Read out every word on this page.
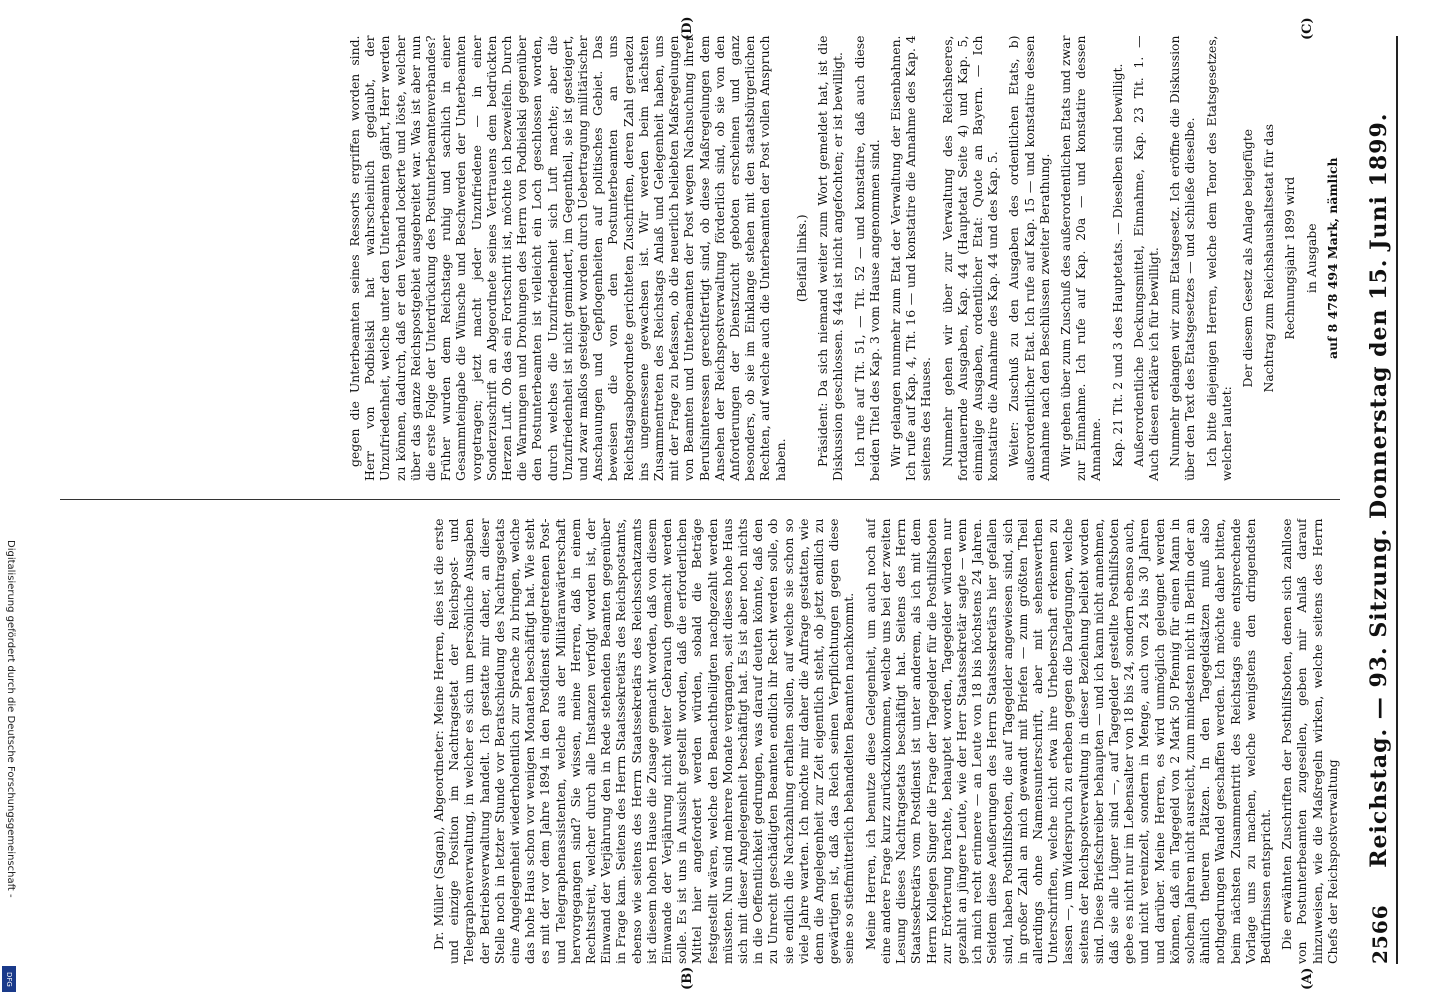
2566
Reichstag. — 93. Sitzung. Donnerstag den 15. Juni 1899.

Dr. Müller (Sagan), Abgeordneter: Meine Herren, dies ist die erste und einzige Position im Nachtragsetat der Reichspost- und Telegraphenverwaltung, in welcher es sich um persönliche Ausgaben der Betriebsverwaltung handelt. Ich gestatte mir daher, an dieser Stelle noch in letzter Stunde vor Beratschiedung des Nachtragsetats eine Angelegenheit wiederholentlich zur Sprache zu bringen, welche das hohe Haus schon vor wenigen Monaten beschäftigt hat. Wie steht es mit der vor dem Jahre 1894 in den Postdienst eingetretenen Post- und Telegraphenassistenten, welche aus der Militäranwärterschaft hervorgegangen sind? Sie wissen, meine Herren, daß in einem Rechtsstreit, welcher durch alle Instanzen verfolgt worden ist, der Einwand der Verjährung den in Rede stehenden Beamten gegenüber in Frage kam. Seitens des Herrn Staatssekretärs des Reichspostamts, ebenso wie seitens des Herrn Staatssekretärs des Reichsschatzamts ist diesem hohen Hause die Zusage gemacht worden, daß von diesem Einwande der Verjährung nicht weiter Gebrauch gemacht werden solle. Es ist uns in Aussicht gestellt worden, daß die erforderlichen Mittel hier angefordert werden würden, sobald die Beträge festgestellt wären, welche den Benachtheiligten nachgezahlt werden müssten. Nun sind mehrere Monate vergangen, seit dieses hohe Haus sich mit dieser Angelegenheit beschäftigt hat. Es ist aber noch nichts in die Oeffentlichkeit gedrungen, was darauf deuten könnte, daß den zu Unrecht geschädigten Beamten endlich ihr Recht werden solle, ob sie endlich die Nachzahlung erhalten sollen, auf welche sie schon so viele Jahre warten. Ich möchte mir daher die Anfrage gestatten, wie denn die Angelegenheit zur Zeit eigentlich steht, ob jetzt endlich zu gewärtigen ist, daß das Reich seinen Verpflichtungen gegen diese seine so stiefmütterlich behandelten Beamten nachkommt. Meine Herren, ich benutze diese Gelegenheit, um auch noch auf eine andere Frage kurz zurückzukommen, welche uns bei der zweiten Lesung dieses Nachtragsetats beschäftigt hat. Seitens des Herrn Staatssekretärs vom Postdienst ist unter anderem, als ich mit dem Herrn Kollegen Singer die Frage der Tagegelder für die Posthilfsboten zur Erörterung brachte, behauptet worden, Tagegelder würden nur gezahlt an jüngere Leute, wie der Herr Staatssekretär sagte — wenn ich mich recht erinnere — an Leute von 18 bis höchstens 24 Jahren. Seitdem diese Aeußerungen des Herrn Staatssekretärs hier gefallen sind, haben Posthilfsboten, die auf Tagegelder angewiesen sind, sich in großer Zahl an mich gewandt mit Briefen — zum größten Theil allerdings ohne Namensunterschrift, aber mit sehenswerthen Unterschriften, welche nicht etwa ihre Urheberschaft erkennen zu lassen —, um Widerspruch zu erheben gegen die Darlegungen, welche seitens der Reichspostverwaltung in dieser Beziehung beliebt worden sind. Diese Briefschreiber behaupten — und ich kann nicht annehmen, daß sie alle Lügner sind —, auf Tagegelder gestellte Posthilfsboten gebe es nicht nur im Lebensalter von 18 bis 24, sondern ebenso auch, und nicht vereinzelt, sondern in Menge, auch von 24 bis 30 Jahren und darüber. Meine Herren, es wird unmöglich geleugnet werden können, daß ein Tagegeld von 2 Mark 50 Pfennig für einen Mann in solchem Jahren nicht ausreicht, zum mindesten nicht in Berlin oder an ähnlich theuren Plätzen. In den Tagegeldsätzen muß also nothgedrungen Wandel geschaffen werden. Ich möchte daher bitten, beim nächsten Zusammentritt des Reichstags eine entsprechende Vorlage uns zu machen, welche wenigstens den dringendsten Bedürfnissen entspricht. Die erwähnten Zuschriften der Posthilfsboten, denen sich zahllose von Postunterbeamten zugesellen, geben mir Anlaß darauf hinzuweisen, wie die Maßregeln wirken, welche seitens des Herrn Chefs der Reichspostverwaltung

gegen die Unterbeamten seines Ressorts ergriffen worden sind. Herr von Podbielski hat wahrscheinlich geglaubt, der Unzufriedenheit, welche unter den Unterbeamten gährt, Herr werden zu können, dadurch, daß er den Verband lockerte und löste, welcher über das ganze Reichspostgebiet ausgebreitet war. Was ist aber nun die erste Folge der Unterdrückung des Postunterbeamtenverbandes? Früher wurden dem Reichstage ruhig und sachlich in einer Gesammteingabe die Wünsche und Beschwerden der Unterbeamten vorgetragen; jetzt macht jeder Unzufriedene — in einer Sonderzuschrift an Abgeordnete seines Vertrauens dem bedrückten Herzen Luft. Ob das ein Fortschritt ist, möchte ich bezweifeln. Durch die Warnungen und Drohungen des Herrn von Podbielski gegenüber den Postunterbeamten ist vielleicht ein Loch geschlossen worden, durch welches die Unzufriedenheit sich Luft machte; aber die Unzufriedenheit ist nicht gemindert, im Gegentheil, sie ist gesteigert, und zwar maßlos gesteigert worden durch Uebertragung militärischer Anschauungen und Gepflogenheiten auf politisches Gebiet. Das beweisen die von den Postunterbeamten an uns Reichstagsabgeordnete gerichteten Zuschriften, deren Zahl geradezu ins ungemessene gewachsen ist. Wir werden beim nächsten Zusammentreten des Reichstags Anlaß und Gelegenheit haben, uns mit der Frage zu befassen, ob die neuerlich beliebten Maßregelungen von Beamten und Unterbeamten der Post wegen Nachsuchung ihrer Berufsinteressen gerechtfertigt sind, ob diese Maßregelungen dem Ansehen der Reichspostverwaltung förderlich sind, ob sie von den Anforderungen der Dienstzucht geboten erscheinen und ganz besonders, ob sie im Einklange stehen mit den staatsbürgerlichen Rechten, auf welche auch die Unterbeamten der Post vollen Anspruch haben.

(Beifall links.) Präsident: Da sich niemand weiter zum Wort gemeldet hat, ist die Diskussion geschlossen. § 44a ist nicht angefochten; er ist bewilligt. Ich rufe auf Tit. 51, — Tit. 52 — und konstatire, daß auch diese beiden Titel des Kap. 3 vom Hause angenommen sind. Wir gelangen nunmehr zum Etat der Verwaltung der Eisenbahnen. Ich rufe auf Kap. 4, Tit. 16 — und konstatire die Annahme des Kap. 4 seitens des Hauses. Nunmehr gehen wir über zur Verwaltung des Reichsheeres, fortdauernde Ausgaben, Kap. 44 (Hauptetat Seite 4) und Kap. 5, einmalige Ausgaben, ordentlicher Etat: Quote an Bayern. — Ich konstatire die Annahme des Kap. 44 und des Kap. 5. Weiter: Zuschuß zu den Ausgaben des ordentlichen Etats, b) außerordentlicher Etat. Ich rufe auf Kap. 15 — und konstatire dessen Annahme nach den Beschlüssen zweiter Berathung. Wir gehen über zum Zuschuß des außerordentlichen Etats und zwar zur Einnahme. Ich rufe auf Kap. 20a — und konstatire dessen Annahme. Kap. 21 Tit. 2 und 3 des Hauptetats. — Dieselben sind bewilligt. Außerordentliche Deckungsmittel, Einnahme, Kap. 23 Tit. 1. — Auch diesen erkläre ich für bewilligt. Nunmehr gelangen wir zum Etatsgesetz. Ich eröffne die Diskussion über den Text des Etatsgesetzes — und schließe dieselbe. Ich bitte diejenigen Herren, welche dem Tenor des Etatsgesetzes, welcher lautet:

Der diesem Gesetz als Anlage beigefügte Nachtrag zum Reichshaushaltsetat für das Rechnungsjahr 1899 wird in Ausgabe auf 8 478 494 Mark, nämlich

(A)
(B)
(C)
(D)
Digitalisierung gefördert durch die Deutsche Forschungsgemeinschaft -
DFG
